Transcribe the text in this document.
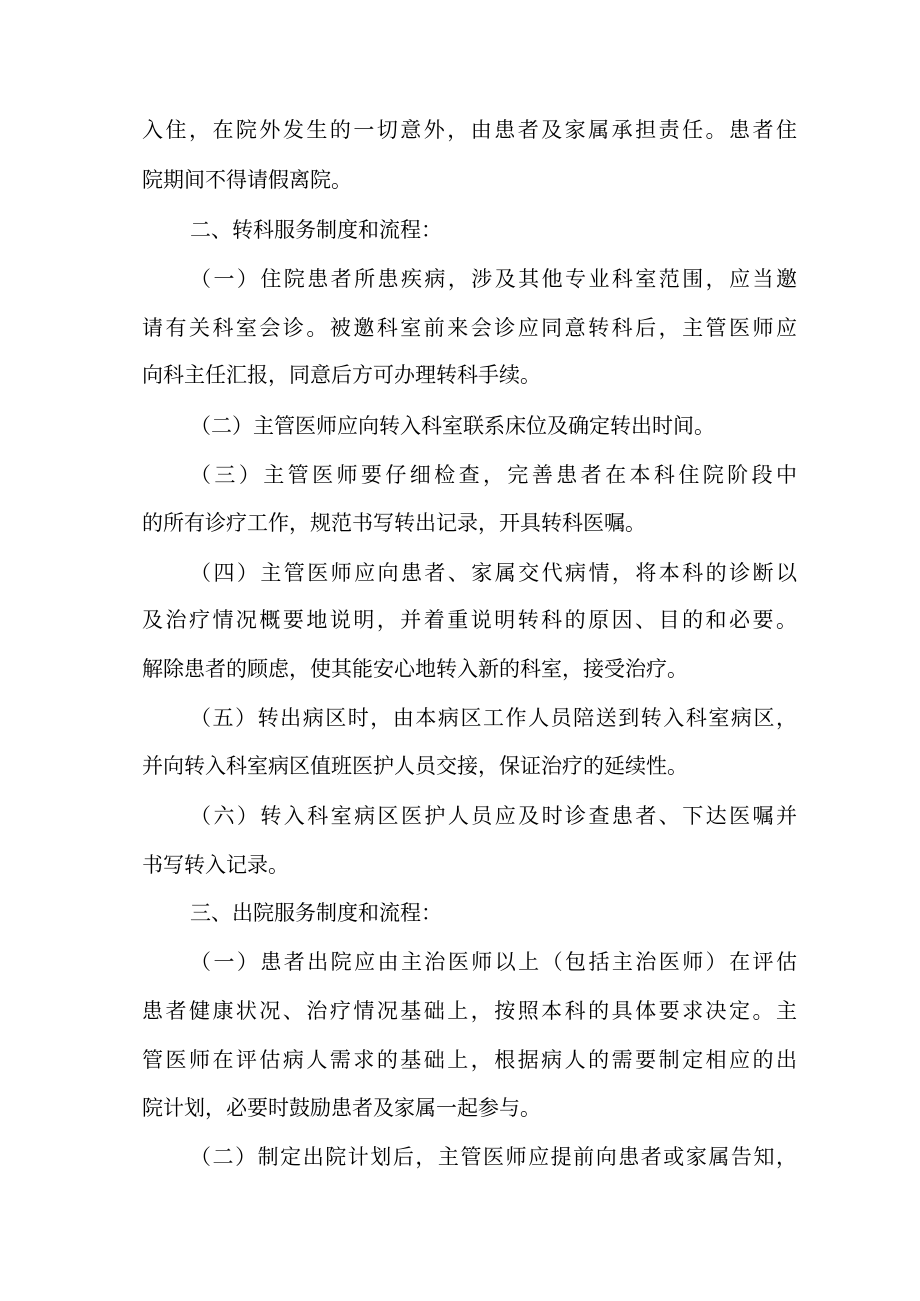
入住，在院外发生的一切意外，由患者及家属承担责任。患者住
院期间不得请假离院。
二、转科服务制度和流程：
（一）住院患者所患疾病，涉及其他专业科室范围，应当邀
请有关科室会诊。被邀科室前来会诊应同意转科后，主管医师应
向科主任汇报，同意后方可办理转科手续。
（二）主管医师应向转入科室联系床位及确定转出时间。
（三）主管医师要仔细检查，完善患者在本科住院阶段中
的所有诊疗工作，规范书写转出记录，开具转科医嘱。
（四）主管医师应向患者、家属交代病情，将本科的诊断以
及治疗情况概要地说明，并着重说明转科的原因、目的和必要。
解除患者的顾虑，使其能安心地转入新的科室，接受治疗。
（五）转出病区时，由本病区工作人员陪送到转入科室病区，
并向转入科室病区值班医护人员交接，保证治疗的延续性。
（六）转入科室病区医护人员应及时诊查患者、下达医嘱并
书写转入记录。
三、出院服务制度和流程：
（一）患者出院应由主治医师以上（包括主治医师）在评估
患者健康状况、治疗情况基础上，按照本科的具体要求决定。主
管医师在评估病人需求的基础上，根据病人的需要制定相应的出
院计划，必要时鼓励患者及家属一起参与。
（二）制定出院计划后，主管医师应提前向患者或家属告知，
